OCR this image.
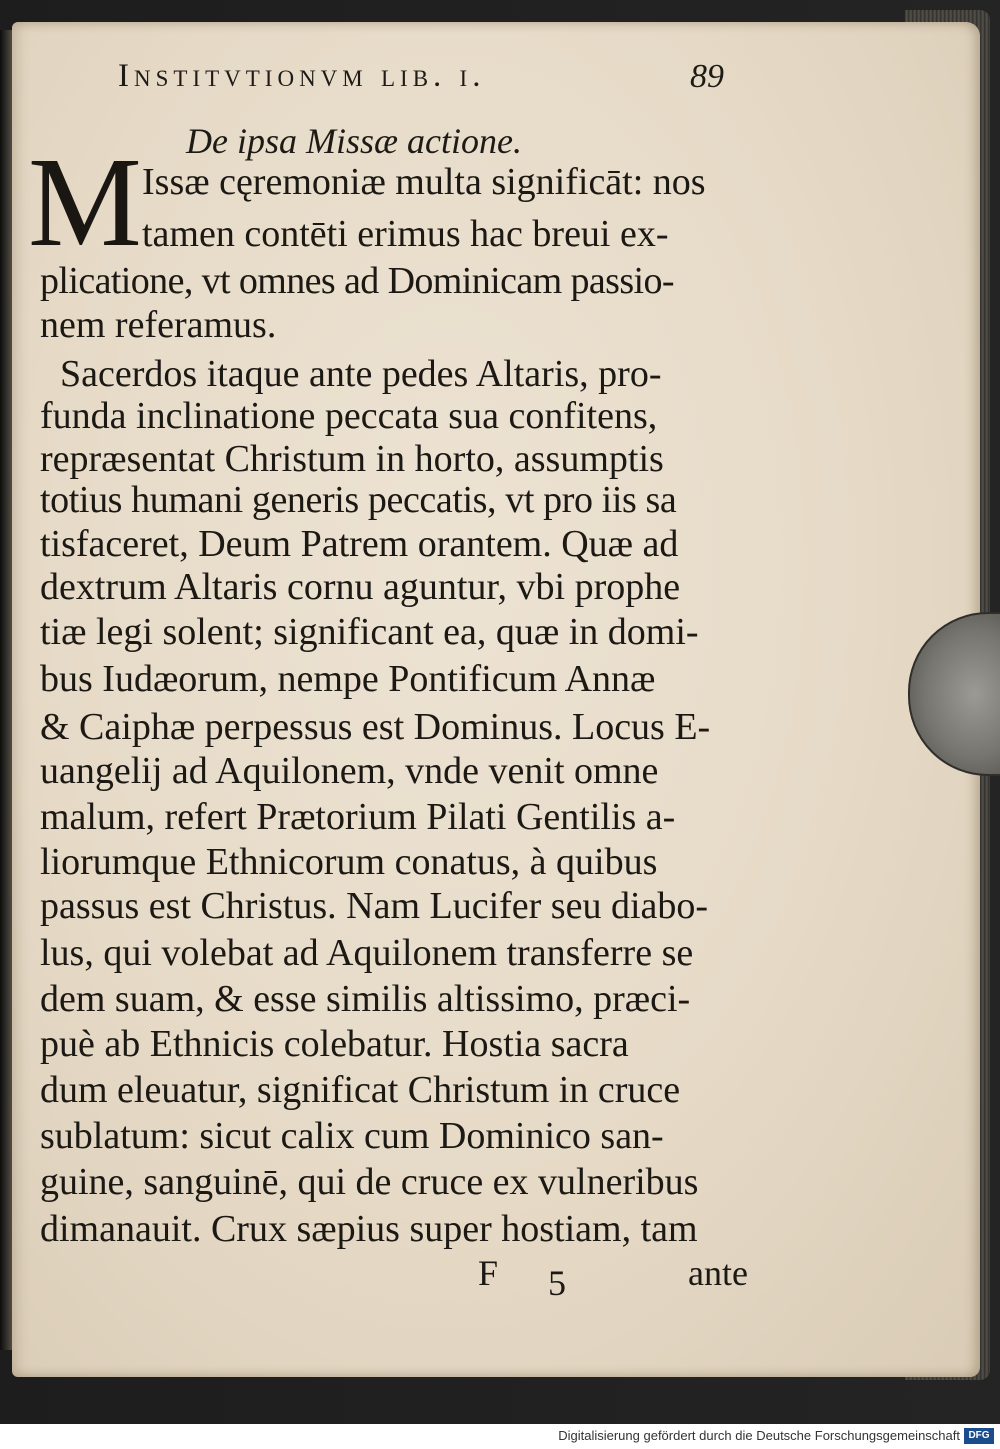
Institvtionvm lib. i.	89
De ipsa Missæ actione.
M Issæ cęremoniæ multa significāt: nos
tamen contēti erimus hac breui ex-
plicatione, vt omnes ad Dominicam passio-
nem referamus.
Sacerdos itaque ante pedes Altaris, pro-
funda inclinatione peccata sua confitens,
repræsentat Christum in horto, assumptis
totius humani generis peccatis, vt pro iis sa
tisfaceret, Deum Patrem orantem. Quæ ad
dextrum Altaris cornu aguntur, vbi prophe
tiæ legi solent; significant ea, quæ in domi-
bus Iudæorum, nempe Pontificum Annæ
& Caiphæ perpessus est Dominus. Locus E-
uangelij ad Aquilonem, vnde venit omne
malum, refert Prætorium Pilati Gentilis a-
liorumque Ethnicorum conatus, à quibus
passus est Christus. Nam Lucifer seu diabo-
lus, qui volebat ad Aquilonem transferre se
dem suam, & esse similis altissimo, præci-
puè ab Ethnicis colebatur. Hostia sacra
dum eleuatur, significat Christum in cruce
sublatum: sicut calix cum Dominico san-
guine, sanguinē, qui de cruce ex vulneribus
dimanauit. Crux sæpius super hostiam, tam
F 5	ante
Digitalisierung gefördert durch die Deutsche Forschungsgemeinschaft DFG
